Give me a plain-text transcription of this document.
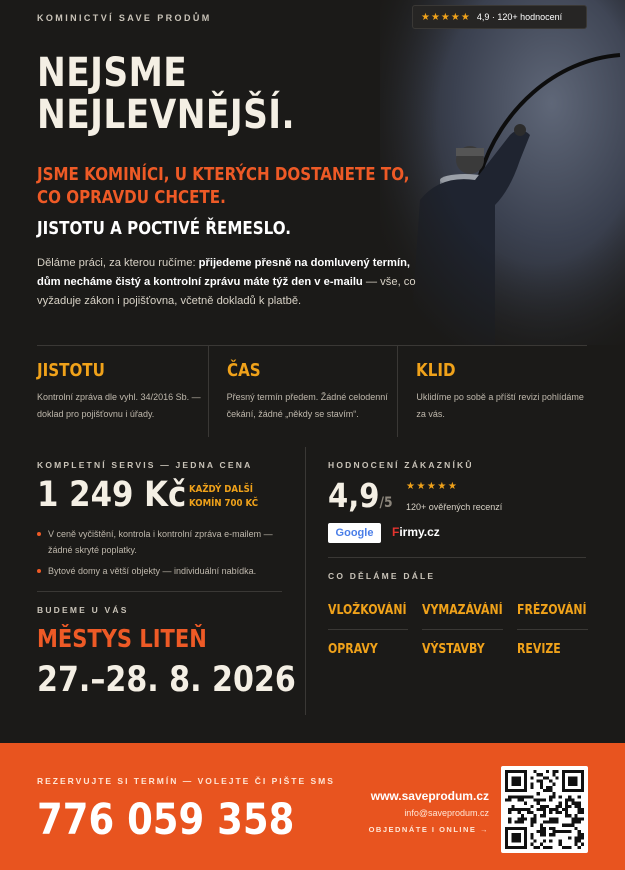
KOMINICTVÍ SAVE PRODŮM	★★★★★ 4,9 · 120+ hodnocení
NEJSME
NEJLEVNĚJŠÍ.
JSME KOMINÍCI, U KTERÝCH DOSTANETE TO,
CO OPRAVDU CHCETE.
JISTOTU A POCTIVÉ ŘEMESLO.

Děláme práci, za kterou ručíme: přijedeme přesně na domluvený termín, dům necháme čistý a kontrolní zprávu máte týž den v e-mailu — vše, co vyžaduje zákon i pojišťovna, včetně dokladů k platbě.

JISTOTU
Kontrolní zpráva dle vyhl. 34/2016 Sb. — doklad pro pojišťovnu i úřady.
ČAS
Přesný termín předem. Žádné celodenní čekání, žádné „někdy se stavím“.
KLID
Uklidíme po sobě a příští revizi pohlídáme za vás.
KOMPLETNÍ SERVIS — JEDNA CENA
1 249 Kč KAŽDÝ DALŠÍ
KOMÍN 700 KČ
V ceně vyčištění, kontrola i kontrolní zpráva e-mailem — žádné skryté poplatky.
Bytové domy a větší objekty — individuální nabídka.
BUDEME U VÁS
MĚSTYS LITEŇ
27.–28. 8. 2026
HODNOCENÍ ZÁKAZNÍKŮ
4,9/5
★★★★★
120+ ověřených recenzí
Google Firmy.cz
CO DĚLÁME DÁLE
VLOŽKOVÁNÍ VYMAZÁVÁNÍ FRÉZOVÁNÍ
OPRAVY	VÝSTAVBY REVIZE
REZERVUJTE SI TERMÍN — VOLEJTE ČI PIŠTE SMS
776 059 358	www.saveprodum.cz
info@saveprodum.cz
OBJEDNÁTE I ONLINE →
